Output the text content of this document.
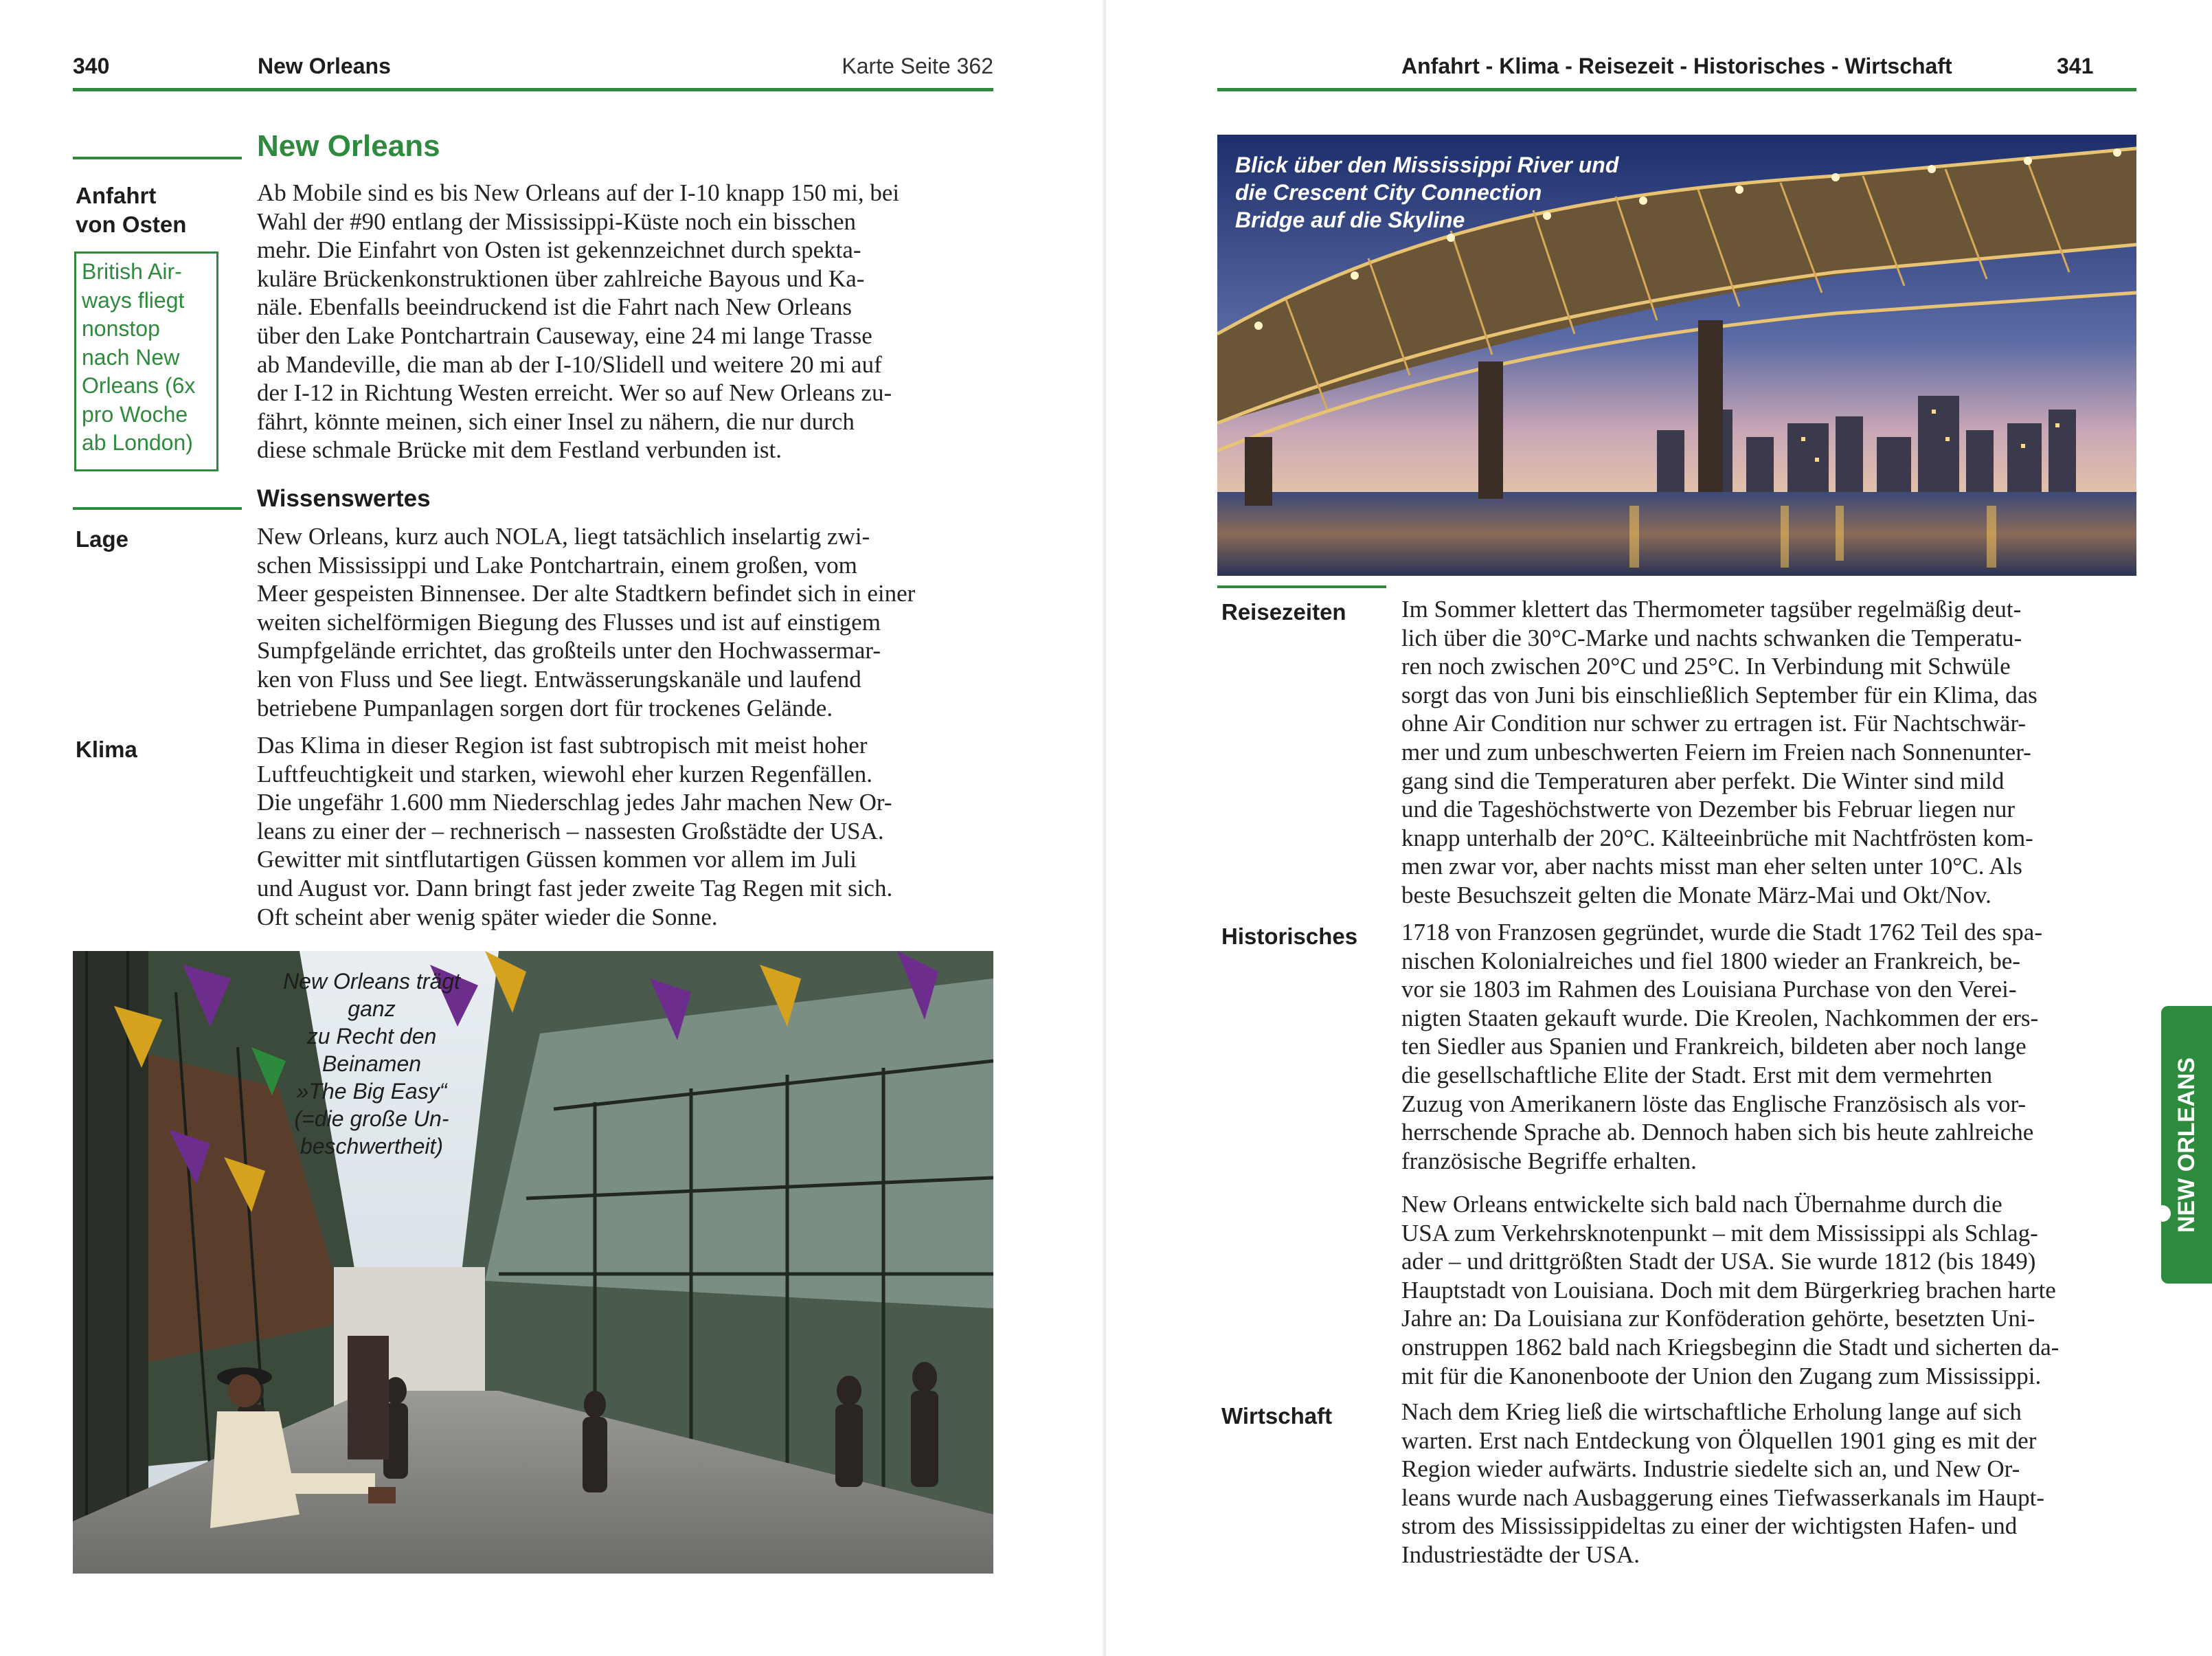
340	New Orleans	Karte Seite 362
New Orleans
Anfahrt
von Osten
British Air-
ways fliegt
nonstop
nach New
Orleans (6x
pro Woche
ab London)

Ab Mobile sind es bis New Orleans auf der I-10 knapp 150 mi, bei

Wahl der #90 entlang der Mississippi-Küste noch ein bisschen

mehr. Die Einfahrt von Osten ist gekennzeichnet durch spekta-

kuläre Brückenkonstruktionen über zahlreiche Bayous und Ka-

näle. Ebenfalls beeindruckend ist die Fahrt nach New Orleans

über den Lake Pontchartrain Causeway, eine 24 mi lange Trasse

ab Mandeville, die man ab der I-10/Slidell und weitere 20 mi auf

der I-12 in Richtung Westen erreicht. Wer so auf New Orleans zu-

fährt, könnte meinen, sich einer Insel zu nähern, die nur durch

diese schmale Brücke mit dem Festland verbunden ist.

Wissenswertes
Lage	New Orleans, kurz auch NOLA, liegt tatsächlich inselartig zwi-

schen Mississippi und Lake Pontchartrain, einem großen, vom

Meer gespeisten Binnensee. Der alte Stadtkern befindet sich in einer

weiten sichelförmigen Biegung des Flusses und ist auf einstigem

Sumpfgelände errichtet, das großteils unter den Hochwassermar-

ken von Fluss und See liegt. Entwässerungskanäle und laufend

betriebene Pumpanlagen sorgen dort für trockenes Gelände.

Klima	Das Klima in dieser Region ist fast subtropisch mit meist hoher

Luftfeuchtigkeit und starken, wiewohl eher kurzen Regenfällen.

Die ungefähr 1.600 mm Niederschlag jedes Jahr machen New Or-

leans zu einer der – rechnerisch – nassesten Großstädte der USA.

Gewitter mit sintflutartigen Güssen kommen vor allem im Juli

und August vor. Dann bringt fast jeder zweite Tag Regen mit sich.

Oft scheint aber wenig später wieder die Sonne.

New Orleans trägt ganz
zu Recht den Beinamen
»The Big Easy“
(=die große Un-
beschwertheit)
Anfahrt - Klima - Reisezeit - Historisches - Wirtschaft	341
Blick über den Mississippi River und
die Crescent City Connection
Bridge auf die Skyline
Reisezeiten Im Sommer klettert das Thermometer tagsüber regelmäßig deut-

lich über die 30°C-Marke und nachts schwanken die Temperatu-

ren noch zwischen 20°C und 25°C. In Verbindung mit Schwüle

sorgt das von Juni bis einschließlich September für ein Klima, das

ohne Air Condition nur schwer zu ertragen ist. Für Nachtschwär-

mer und zum unbeschwerten Feiern im Freien nach Sonnenunter-

gang sind die Temperaturen aber perfekt. Die Winter sind mild

und die Tageshöchstwerte von Dezember bis Februar liegen nur

knapp unterhalb der 20°C. Kälteeinbrüche mit Nachtfrösten kom-

men zwar vor, aber nachts misst man eher selten unter 10°C. Als

beste Besuchszeit gelten die Monate März-Mai und Okt/Nov.

Historisches 1718 von Franzosen gegründet, wurde die Stadt 1762 Teil des spa-

nischen Kolonialreiches und fiel 1800 wieder an Frankreich, be-

vor sie 1803 im Rahmen des Louisiana Purchase von den Verei-

nigten Staaten gekauft wurde. Die Kreolen, Nachkommen der ers-

ten Siedler aus Spanien und Frankreich, bildeten aber noch lange

die gesellschaftliche Elite der Stadt. Erst mit dem vermehrten

Zuzug von Amerikanern löste das Englische Französisch als vor-

herrschende Sprache ab. Dennoch haben sich bis heute zahlreiche

französische Begriffe erhalten.

New Orleans entwickelte sich bald nach Übernahme durch die

USA zum Verkehrsknotenpunkt – mit dem Mississippi als Schlag-

ader – und drittgrößten Stadt der USA. Sie wurde 1812 (bis 1849)

Hauptstadt von Louisiana. Doch mit dem Bürgerkrieg brachen harte

Jahre an: Da Louisiana zur Konföderation gehörte, besetzten Uni-

onstruppen 1862 bald nach Kriegsbeginn die Stadt und sicherten da-

mit für die Kanonenboote der Union den Zugang zum Mississippi.

Wirtschaft	Nach dem Krieg ließ die wirtschaftliche Erholung lange auf sich

warten. Erst nach Entdeckung von Ölquellen 1901 ging es mit der

Region wieder aufwärts. Industrie siedelte sich an, und New Or-

leans wurde nach Ausbaggerung eines Tiefwasserkanals im Haupt-

strom des Mississippideltas zu einer der wichtigsten Hafen- und

Industriestädte der USA.

NEW ORLEANS
